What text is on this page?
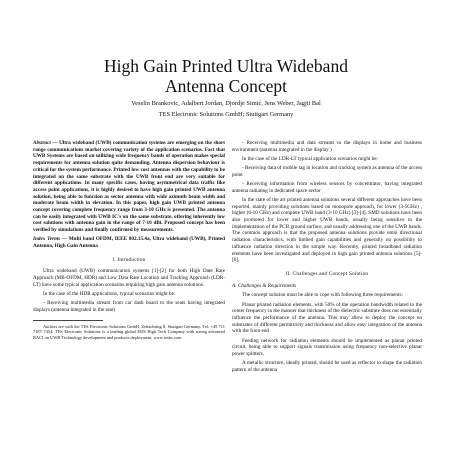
High Gain Printed Ultra Wideband
Antenna Concept
Veselin Brankovic, Adalbert Jordan, Djordje Simić, Jens Weber, Jagjit Bal
TES Electronic Solutions GmbH; Stuttgart Germany

Abstract — Ultra wideband (UWB) communication systems are emerging on the short range communications market covering variety of the application scenarios. Fact that UWB Systems are based on utilizing wide frequency bands of operation makes special requirements for antenna solution quite demanding. Antenna dispersion behaviour is critical for the system performance. Printed low cost antennas with the capability to be integrated on the same substrate with the UWB front end are very suitable for different applications. In many specific cases, having asymmetrical data traffic like access point applications, it is highly desired to have high gain printed UWB antenna solution, being able to function as sector antenna with wide azimuth beam width and moderate beam width in elevation. In this paper, high gain UWB printed antenna concept covering complete frequency range from 3-10 GHz is presented. The antenna can be easily integrated with UWB IC's on the same substrate, offering inherently low cost solutions with antenna gain in the range of 7-10 dBi. Proposed concept has been verified by simulations and finally confirmed by measurements.

Index Terms — Multi band OFDM, IEEE 802.15.4a, Ultra wideband (UWB), Printed Antenna, High Gain Antenna

I. Introduction

Ultra wideband (UWB) communication systems [1]-[2] for both High Date Rate Approach (MB-OFDM, HDR) and Low Data Rate Location and Tracking Approach (LDR-LT) have some typical application scenarios requiring high gain antenna solutions.

In the case of the HDR applications, typical scenarios might be:

- Receiving multimedia stream from car dash board to the seats having integrated displays (antenna integrated in the seat)

Authors are with the TES Electronic Solutions GmbH, Zettachring 8, Stuttgart Germany, Tel: +49 711 7287 7454; TES Electronic Solutions is a leading global EDS High Tech Company with strong advanced RACI on UWB Technology development and products deployment, www.tesbv.com

- Receiving multimedia and data streams to the displays in home and business environment (antenna integrated in the display )

In the case of the LDR-LT typical application scenarios might be:

- Receiving data of mobile tag in location and tracking system as antenna of the access point

- Receiving information from wireless sensors by concentrator, having integrated antenna radiating in dedicated space sector

In the state of the art printed antenna solutions several different approaches have been reported, mainly providing solutions based on monopole approach, for lower (3-5GHz) , higher (6-10 GHz) and complete UWB band (3-10 GHz) [3]-[4]. SMD solutions have been also promoted for lower and higher UWB bands, usually being sensitive to the implementation of the PCB ground surface, and usually addressing one of the UWB bands. The common approach is that the proposed antenna solutions provide omni directional radiation characteristics, with limited gain capabilities and generally no possibility to influence radiation direction in the simple way. Recently, printed broadband radiation elements have been investigated and deployed in high gain printed antenna solutions [5]-[6].

II. Challenges and Concept Solution

A. Challenges & Requirements

The concept solution must be able to cope with following three requirements:

Planar printed radiation elements, with 50% of the operation bandwidth related to the center frequency in the manner that thickness of the dielectric substrate does not essentially influence the performance of the antenna. This may allow to deploy the concept on substrates of different permittivity and thickness and allow easy integration of the antenna with the front end

Feeding network for radiation elements should be implemented as planar printed circuit, being able to support signals transmission using frequency non-selective planar power splitters.

A metallic structure, ideally printed, should be used as reflector to shape the radiation pattern of the antenna
